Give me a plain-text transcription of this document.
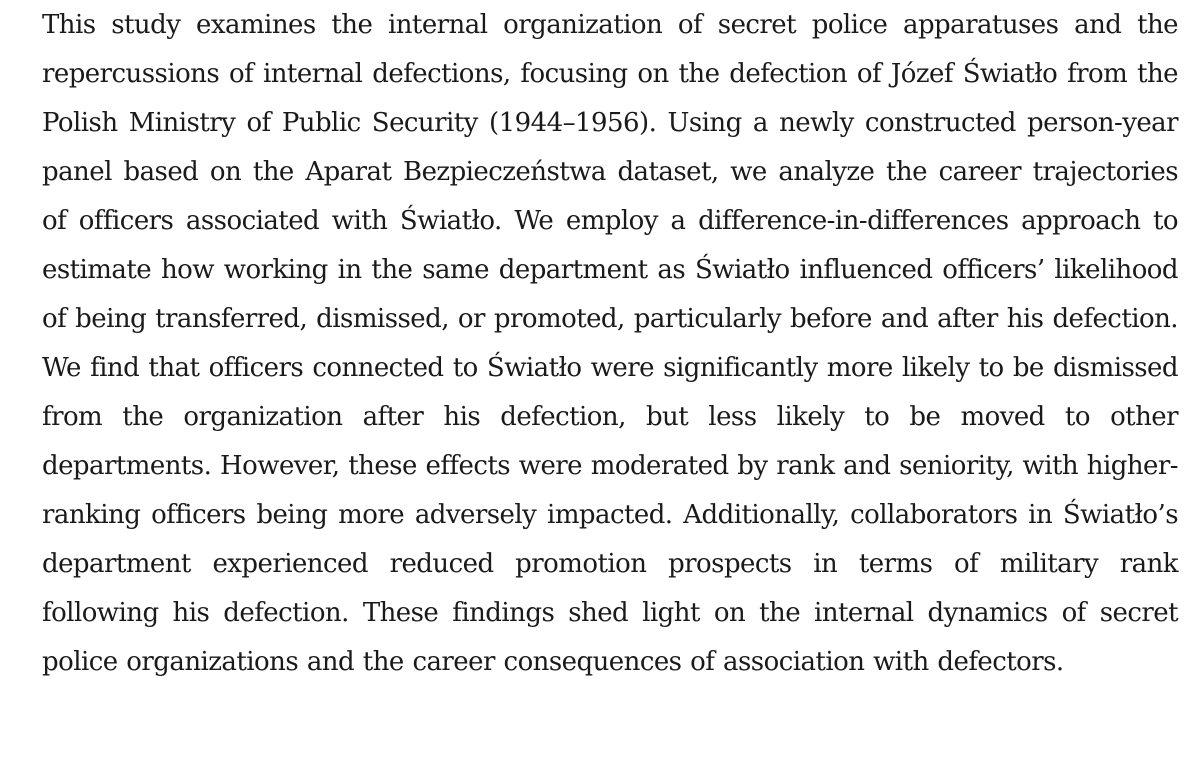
This study examines the internal organization of secret police apparatuses and the repercussions of internal defections, focusing on the defection of Józef Światło from the Polish Ministry of Public Security (1944–1956). Using a newly constructed person-year panel based on the Aparat Bezpieczeństwa dataset, we analyze the career trajectories of officers associated with Światło. We employ a difference-in-differences approach to estimate how working in the same department as Światło influenced officers’ likelihood of being transferred, dismissed, or promoted, particularly before and after his defection. We find that officers connected to Światło were significantly more likely to be dismissed from the organization after his defection, but less likely to be moved to other departments. However, these effects were moderated by rank and seniority, with higher-ranking officers being more adversely impacted. Additionally, collaborators in Światło’s department experienced reduced promotion prospects in terms of military rank following his defection. These findings shed light on the internal dynamics of secret police organizations and the career consequences of association with defectors.
